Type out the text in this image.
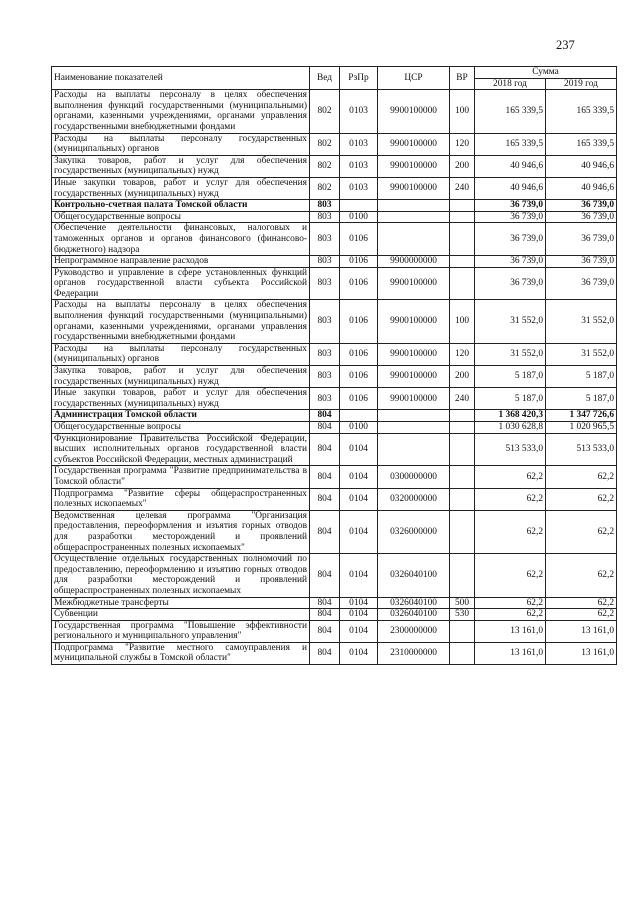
237
Наименование показателей	Вед	РзПр	ЦСР	ВР	Сумма	
					2018 год	2019 год
Расходы на выплаты персоналу в целях обеспечения выполнения функций государственными (муниципальными) органами, казенными учреждениями, органами управления государственными внебюджетными фондами	802	0103	9900100000	100	165 339,5	165 339,5
Расходы на выплаты персоналу государственных (муниципальных) органов	802	0103	9900100000	120	165 339,5	165 339,5
Закупка товаров, работ и услуг для обеспечения государственных (муниципальных) нужд	802	0103	9900100000	200	40 946,6	40 946,6
Иные закупки товаров, работ и услуг для обеспечения государственных (муниципальных) нужд	802	0103	9900100000	240	40 946,6	40 946,6
Контрольно-счетная палата Томской области	803				36 739,0	36 739,0
Общегосударственные вопросы	803	0100			36 739,0	36 739,0
Обеспечение деятельности финансовых, налоговых и таможенных органов и органов финансового (финансово-бюджетного) надзора	803	0106			36 739,0	36 739,0
Непрограммное направление расходов	803	0106	9900000000		36 739,0	36 739,0
Руководство и управление в сфере установленных функций органов государственной власти субъекта Российской Федерации	803	0106	9900100000		36 739,0	36 739,0
Расходы на выплаты персоналу в целях обеспечения выполнения функций государственными (муниципальными) органами, казенными учреждениями, органами управления государственными внебюджетными фондами	803	0106	9900100000	100	31 552,0	31 552,0
Расходы на выплаты персоналу государственных (муниципальных) органов	803	0106	9900100000	120	31 552,0	31 552,0
Закупка товаров, работ и услуг для обеспечения государственных (муниципальных) нужд	803	0106	9900100000	200	5 187,0	5 187,0
Иные закупки товаров, работ и услуг для обеспечения государственных (муниципальных) нужд	803	0106	9900100000	240	5 187,0	5 187,0
Администрация Томской области	804				1 368 420,3	1 347 726,6
Общегосударственные вопросы	804	0100			1 030 628,8	1 020 965,5
Функционирование Правительства Российской Федерации, высших исполнительных органов государственной власти субъектов Российской Федерации, местных администраций	804	0104			513 533,0	513 533,0
Государственная программа "Развитие предпринимательства в Томской области"	804	0104	0300000000		62,2	62,2
Подпрограмма "Развитие сферы общераспространенных полезных ископаемых"	804	0104	0320000000		62,2	62,2
Ведомственная целевая программа "Организация предоставления, переоформления и изъятия горных отводов для разработки месторождений и проявлений общераспространенных полезных ископаемых"	804	0104	0326000000		62,2	62,2
Осуществление отдельных государственных полномочий по предоставлению, переоформлению и изъятию горных отводов для разработки месторождений и проявлений общераспространенных полезных ископаемых	804	0104	0326040100		62,2	62,2
Межбюджетные трансферты	804	0104	0326040100	500	62,2	62,2
Субвенции	804	0104	0326040100	530	62,2	62,2
Государственная программа "Повышение эффективности регионального и муниципального управления"	804	0104	2300000000		13 161,0	13 161,0
Подпрограмма "Развитие местного самоуправления и муниципальной службы в Томской области"	804	0104	2310000000		13 161,0	13 161,0
